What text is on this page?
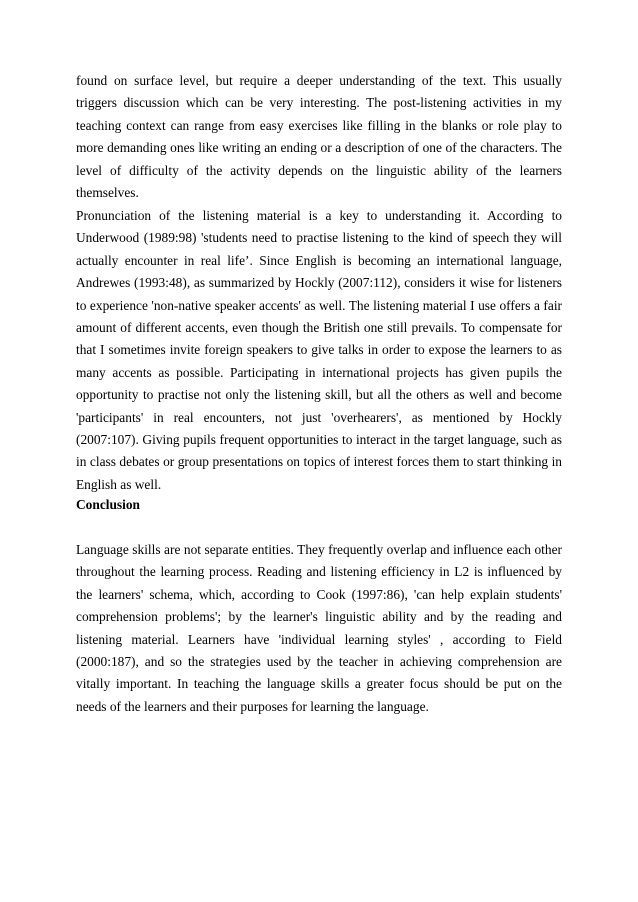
found on surface level, but require a deeper understanding of the text. This usually triggers discussion which can be very interesting. The post-listening activities in my teaching context can range from easy exercises like filling in the blanks or role play to more demanding ones like writing an ending or a description of one of the characters. The level of difficulty of the activity depends on the linguistic ability of the learners themselves.

Pronunciation of the listening material is a key to understanding it. According to Underwood (1989:98) 'students need to practise listening to the kind of speech they will actually encounter in real life’. Since English is becoming an international language, Andrewes (1993:48), as summarized by Hockly (2007:112), considers it wise for listeners to experience 'non-native speaker accents' as well. The listening material I use offers a fair amount of different accents, even though the British one still prevails. To compensate for that I sometimes invite foreign speakers to give talks in order to expose the learners to as many accents as possible. Participating in international projects has given pupils the opportunity to practise not only the listening skill, but all the others as well and become 'participants' in real encounters, not just 'overhearers', as mentioned by Hockly (2007:107). Giving pupils frequent opportunities to interact in the target language, such as in class debates or group presentations on topics of interest forces them to start thinking in English as well.

Conclusion

Language skills are not separate entities. They frequently overlap and influence each other throughout the learning process. Reading and listening efficiency in L2 is influenced by the learners' schema, which, according to Cook (1997:86), 'can help explain students' comprehension problems'; by the learner's linguistic ability and by the reading and listening material. Learners have 'individual learning styles' , according to Field (2000:187), and so the strategies used by the teacher in achieving comprehension are vitally important. In teaching the language skills a greater focus should be put on the needs of the learners and their purposes for learning the language.
